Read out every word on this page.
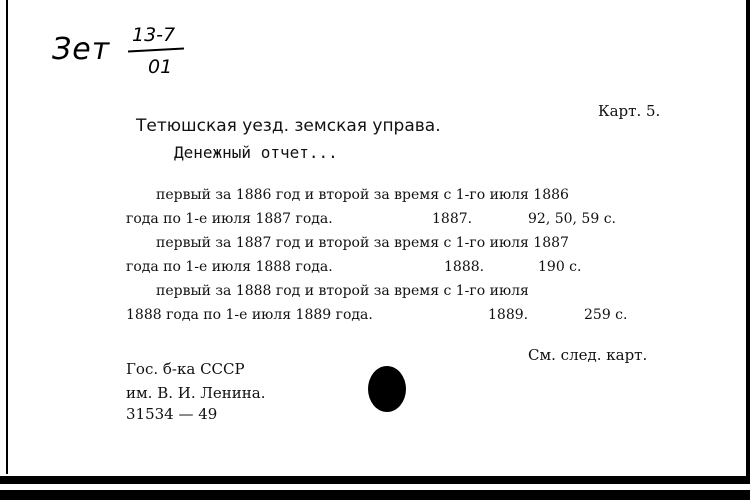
Зет 13-7
01
Карт. 5.
Тетюшская уезд. земская управа.
Денежный отчет...
первый за 1886 год и второй за время с 1-го июля 1886
года по 1-е июля 1887 года.	1887.	92, 50, 59 с.
первый за 1887 год и второй за время с 1-го июля 1887
года по 1-е июля 1888 года.	1888.	190 с.
первый за 1888 год и второй за время с 1-го июля
1888 года по 1-е июля 1889 года.	1889.	259 с.
См. след. карт.
Гос. б-ка СССР
им. В. И. Ленина.
31534 — 49
